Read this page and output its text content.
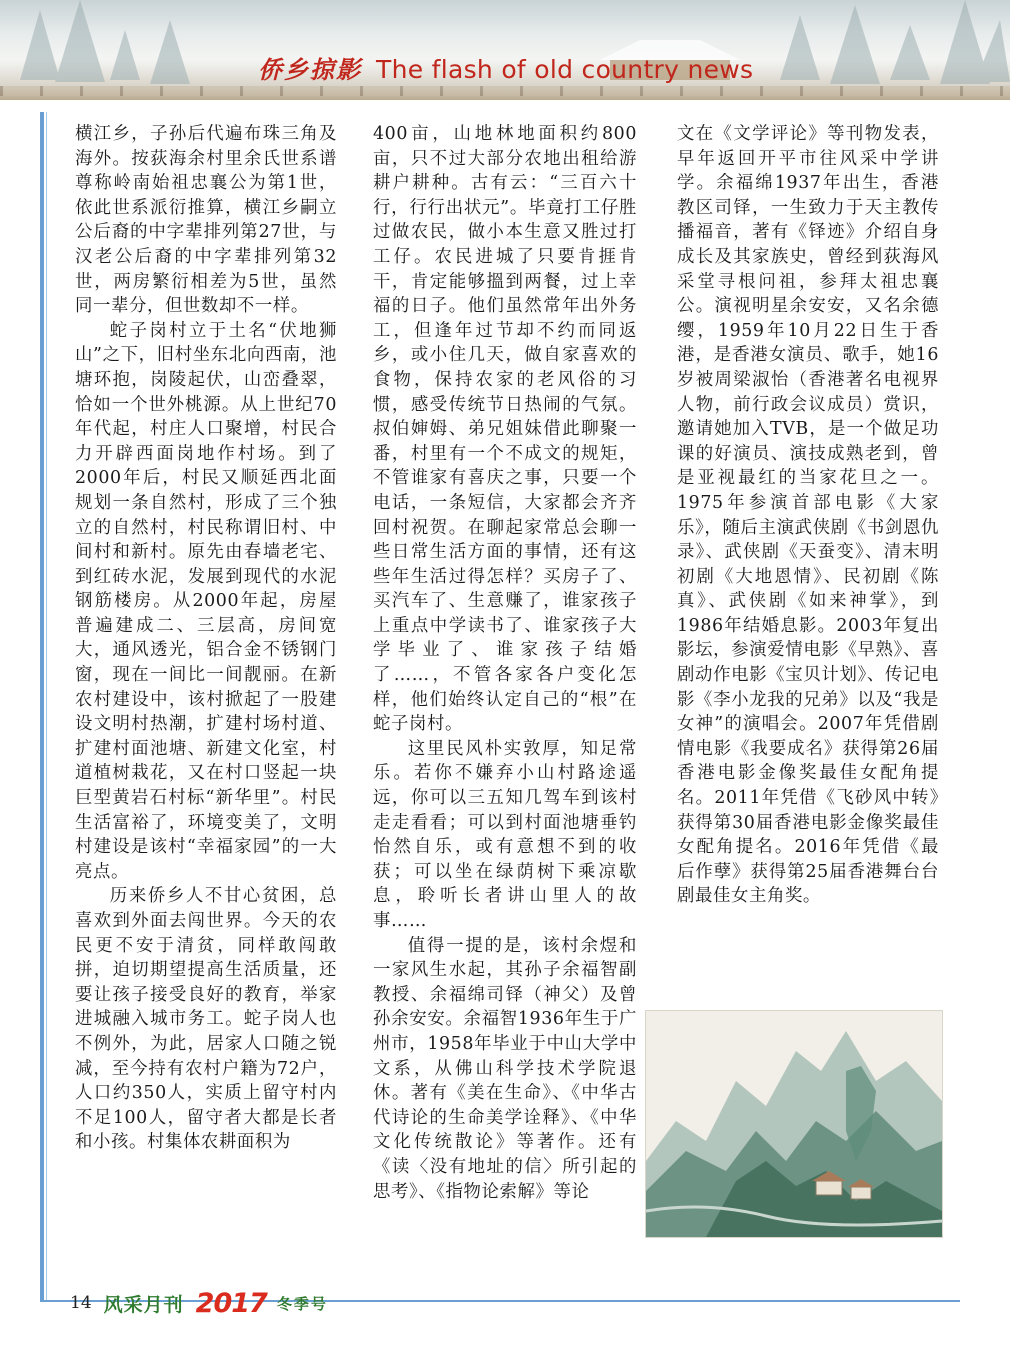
侨乡掠影 The flash of old country news

横江乡，子孙后代遍布珠三角及海外。按荻海余村里余氏世系谱尊称岭南始祖忠襄公为第1世，依此世系派衍推算，横江乡嗣立公后裔的中字辈排列第27世，与汉老公后裔的中字辈排列第32世，两房繁衍相差为5世，虽然同一辈分，但世数却不一样。

蛇子岗村立于土名“伏地狮山”之下，旧村坐东北向西南，池塘环抱，岗陵起伏，山峦叠翠，恰如一个世外桃源。从上世纪70年代起，村庄人口聚增，村民合力开辟西面岗地作村场。到了2000年后，村民又顺延西北面规划一条自然村，形成了三个独立的自然村，村民称谓旧村、中间村和新村。原先由春墙老宅、到红砖水泥，发展到现代的水泥钢筋楼房。从2000年起，房屋普遍建成二、三层高，房间宽大，通风透光，铝合金不锈钢门窗，现在一间比一间靓丽。在新农村建设中，该村掀起了一股建设文明村热潮，扩建村场村道、扩建村面池塘、新建文化室，村道植树栽花，又在村口竖起一块巨型黄岩石村标“新华里”。村民生活富裕了，环境变美了，文明村建设是该村“幸福家园”的一大亮点。

历来侨乡人不甘心贫困，总喜欢到外面去闯世界。今天的农民更不安于清贫，同样敢闯敢拼，迫切期望提高生活质量，还要让孩子接受良好的教育，举家进城融入城市务工。蛇子岗人也不例外，为此，居家人口随之锐减，至今持有农村户籍为72户，人口约350人，实质上留守村内不足100人，留守者大都是长者和小孩。村集体农耕面积为

400亩，山地林地面积约800亩，只不过大部分农地出租给游耕户耕种。古有云：“三百六十行，行行出状元”。毕竟打工仔胜过做农民，做小本生意又胜过打工仔。农民进城了只要肯捱肯干，肯定能够搵到两餐，过上幸福的日子。他们虽然常年出外务工，但逢年过节却不约而同返乡，或小住几天，做自家喜欢的食物，保持农家的老风俗的习惯，感受传统节日热闹的气氛。叔伯婶姆、弟兄姐妹借此聊聚一番，村里有一个不成文的规矩，不管谁家有喜庆之事，只要一个电话，一条短信，大家都会齐齐回村祝贺。在聊起家常总会聊一些日常生活方面的事情，还有这些年生活过得怎样？买房子了、买汽车了、生意赚了，谁家孩子上重点中学读书了、谁家孩子大学毕业了、谁家孩子结婚了……，不管各家各户变化怎样，他们始终认定自己的“根”在蛇子岗村。

这里民风朴实敦厚，知足常乐。若你不嫌弃小山村路途遥远，你可以三五知几驾车到该村走走看看；可以到村面池塘垂钓怡然自乐，或有意想不到的收获；可以坐在绿荫树下乘凉歇息，聆听长者讲山里人的故事……

值得一提的是，该村余煜和一家风生水起，其孙子余福智副教授、余福绵司铎（神父）及曾孙余安安。余福智1936年生于广州市，1958年毕业于中山大学中文系，从佛山科学技术学院退休。著有《美在生命》、《中华古代诗论的生命美学诠释》、《中华文化传统散论》等著作。还有《读〈没有地址的信〉所引起的思考》、《指物论索解》等论

文在《文学评论》等刊物发表，早年返回开平市往风采中学讲学。余福绵1937年出生，香港教区司铎，一生致力于天主教传播福音，著有《铎迹》介绍自身成长及其家族史，曾经到荻海风采堂寻根问祖，参拜太祖忠襄公。演视明星余安安，又名余德缨，1959年10月22日生于香港，是香港女演员、歌手，她16岁被周梁淑怡（香港著名电视界人物，前行政会议成员）赏识，邀请她加入TVB，是一个做足功课的好演员、演技成熟老到，曾是亚视最红的当家花旦之一。1975年参演首部电影《大家乐》，随后主演武侠剧《书剑恩仇录》、武侠剧《天蚕变》、清末明初剧《大地恩情》、民初剧《陈真》、武侠剧《如来神掌》，到1986年结婚息影。2003年复出影坛，参演爱情电影《早熟》、喜剧动作电影《宝贝计划》、传记电影《李小龙我的兄弟》以及“我是女神”的演唱会。2007年凭借剧情电影《我要成名》获得第26届香港电影金像奖最佳女配角提名。2011年凭借《飞砂风中转》获得第30届香港电影金像奖最佳女配角提名。2016年凭借《最后作孽》获得第25届香港舞台台剧最佳女主角奖。

14 风采月刊 2017 冬季号
